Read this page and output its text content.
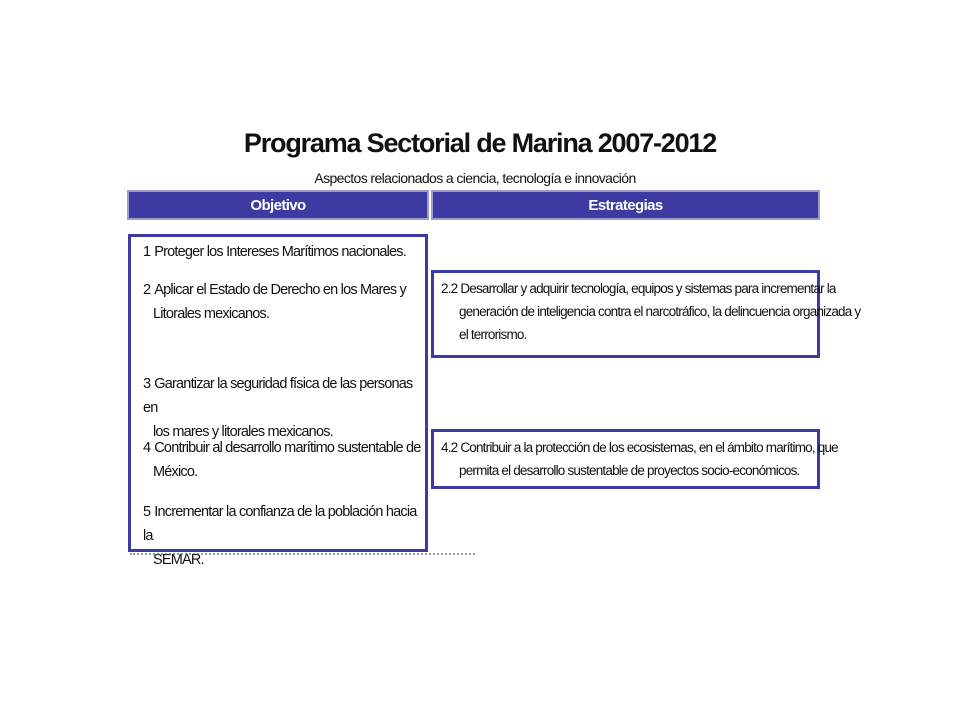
Programa Sectorial de Marina 2007-2012
Aspectos relacionados a ciencia, tecnología e innovación
Objetivo	Estrategias
1 Proteger los Intereses Marítimos nacionales.
2 Aplicar el Estado de Derecho en los Mares y
Litorales mexicanos.
3 Garantizar la seguridad física de las personas en
los mares y litorales mexicanos.
4 Contribuir al desarrollo marítimo sustentable de
México.
5 Incrementar la confianza de la población hacia la
SEMAR.
2.2 Desarrollar y adquirir tecnología, equipos y sistemas para incrementar la
generación de inteligencia contra el narcotráfico, la delincuencia organizada y
el terrorismo.
4.2 Contribuir a la protección de los ecosistemas, en el ámbito marítimo, que
permita el desarrollo sustentable de proyectos socio-económicos.
